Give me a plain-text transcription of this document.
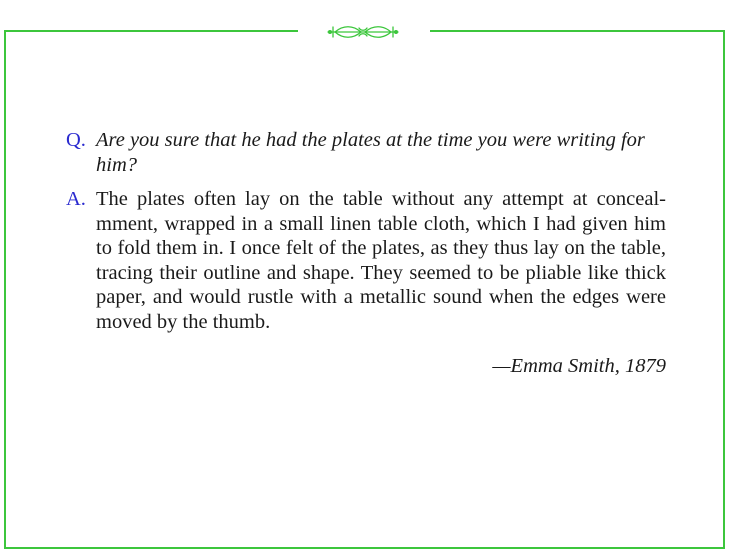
Q. Are you sure that he had the plates at the time you were writing for him?
A. The plates often lay on the table without any attempt at concealmment, wrapped in a small linen table cloth, which I had given him to fold them in. I once felt of the plates, as they thus lay on the table, tracing their outline and shape. They seemed to be pliable like thick paper, and would rustle with a metallic sound when the edges were moved by the thumb.
—Emma Smith, 1879
